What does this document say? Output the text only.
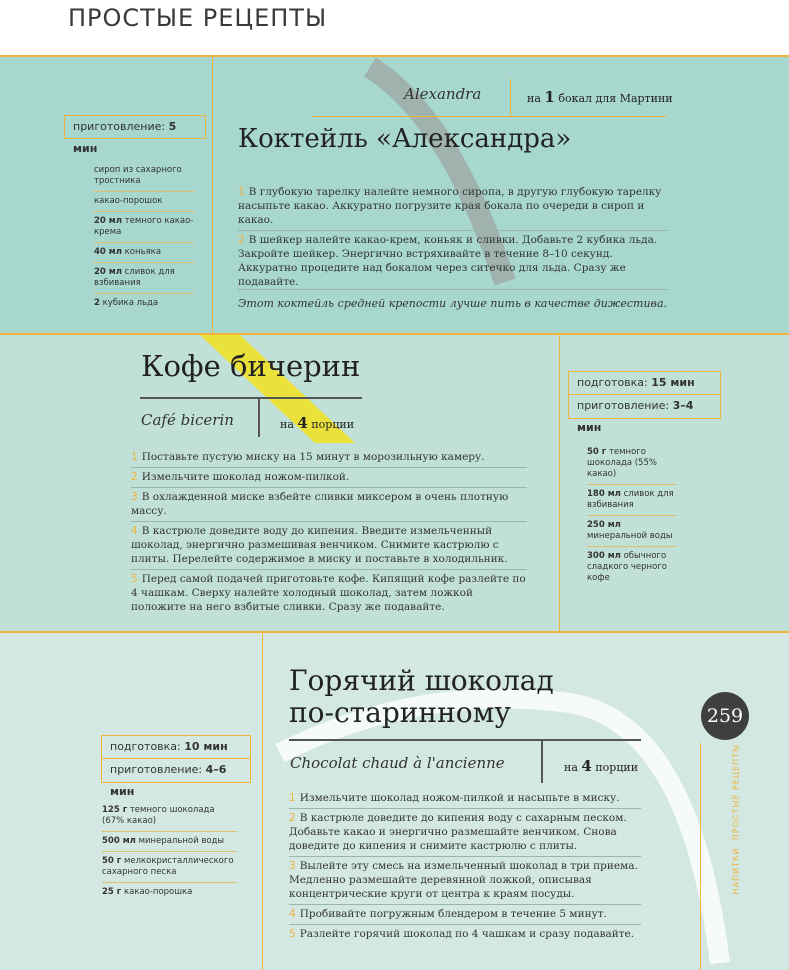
ПРОСТЫЕ РЕЦЕПТЫ
Alexandra	на 1 бокал для Мартини
приготовление: 5 мин	Коктейль «Александра»
сироп из сахарного тростника
какао-порошок
20 мл темного какао-крема
40 мл коньяка
20 мл сливок для взбивания
2 кубика льда
1 В глубокую тарелку налейте немного сиропа, в другую глубокую тарелку насыпьте какао. Аккуратно погрузите края бокала по очереди в сироп и какао.
2 В шейкер налейте какао-крем, коньяк и сливки. Добавьте 2 кубика льда. Закройте шейкер. Энергично встряхивайте в течение 8–10 секунд. Аккуратно процедите над бокалом через ситечко для льда. Сразу же подавайте.
Этот коктейль средней крепости лучше пить в качестве дижестива.
Кофе бичерин
Café bicerin	на 4 порции
подготовка: 15 мин
приготовление: 3–4 мин
50 г темного шоколада (55% какао)
180 мл сливок для взбивания
250 мл минеральной воды
300 мл обычного сладкого черного кофе
1 Поставьте пустую миску на 15 минут в морозильную камеру.
2 Измельчите шоколад ножом-пилкой.
3 В охлажденной миске взбейте сливки миксером в очень плотную массу.
4 В кастрюле доведите воду до кипения. Введите измельченный шоколад, энергично размешивая венчиком. Снимите кастрюлю с плиты. Перелейте содержимое в миску и поставьте в холодильник.
5 Перед самой подачей приготовьте кофе. Кипящий кофе разлейте по 4 чашкам. Сверху налейте холодный шоколад, затем ложкой положите на него взбитые сливки. Сразу же подавайте.
Горячий шоколад
по-старинному
Chocolat chaud à l'ancienne	на 4 порции
подготовка: 10 мин
приготовление: 4–6 мин
125 г темного шоколада (67% какао)
500 мл минеральной воды
50 г мелкокристаллического сахарного песка
25 г какао-порошка
1 Измельчите шоколад ножом-пилкой и насыпьте в миску.
2 В кастрюле доведите до кипения воду с сахарным песком. Добавьте какао и энергично размешайте венчиком. Снова доведите до кипения и снимите кастрюлю с плиты.
3 Вылейте эту смесь на измельченный шоколад в три приема. Медленно размешайте деревянной ложкой, описывая концентрические круги от центра к краям посуды.
4 Пробивайте погружным блендером в течение 5 минут.
5 Разлейте горячий шоколад по 4 чашкам и сразу подавайте.
259
НАПИТКИ: ПРОСТЫЕ РЕЦЕПТЫ
